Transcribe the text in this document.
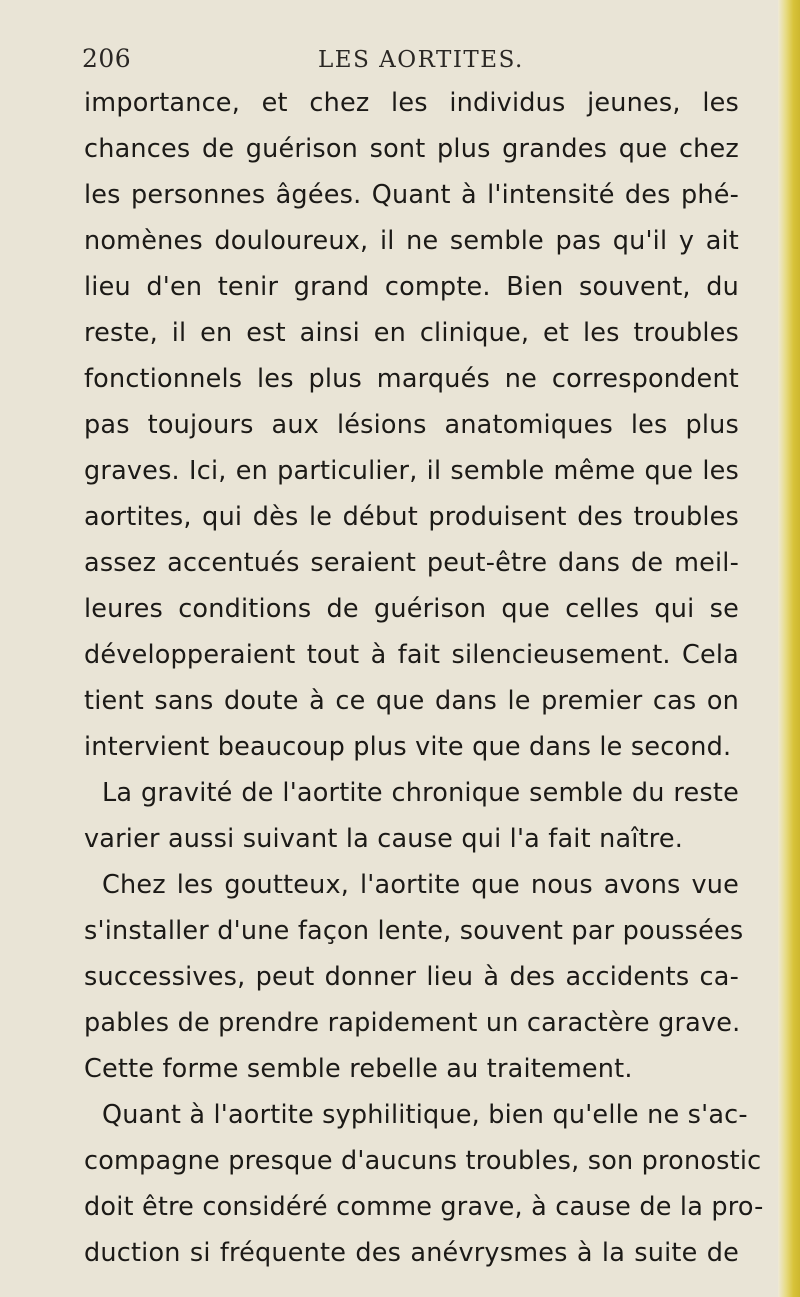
206	LES AORTITES.
importance, et chez les individus jeunes, les
chances de guérison sont plus grandes que chez
les personnes âgées. Quant à l'intensité des phé-
nomènes douloureux, il ne semble pas qu'il y ait
lieu d'en tenir grand compte. Bien souvent, du
reste, il en est ainsi en clinique, et les troubles
fonctionnels les plus marqués ne correspondent
pas toujours aux lésions anatomiques les plus
graves. Ici, en particulier, il semble même que les
aortites, qui dès le début produisent des troubles
assez accentués seraient peut-être dans de meil-
leures conditions de guérison que celles qui se
développeraient tout à fait silencieusement. Cela
tient sans doute à ce que dans le premier cas on
intervient beaucoup plus vite que dans le second.
La gravité de l'aortite chronique semble du reste
varier aussi suivant la cause qui l'a fait naître.
Chez les goutteux, l'aortite que nous avons vue
s'installer d'une façon lente, souvent par poussées
successives, peut donner lieu à des accidents ca-
pables de prendre rapidement un caractère grave.
Cette forme semble rebelle au traitement.
Quant à l'aortite syphilitique, bien qu'elle ne s'ac-
compagne presque d'aucuns troubles, son pronostic
doit être considéré comme grave, à cause de la pro-
duction si fréquente des anévrysmes à la suite de
